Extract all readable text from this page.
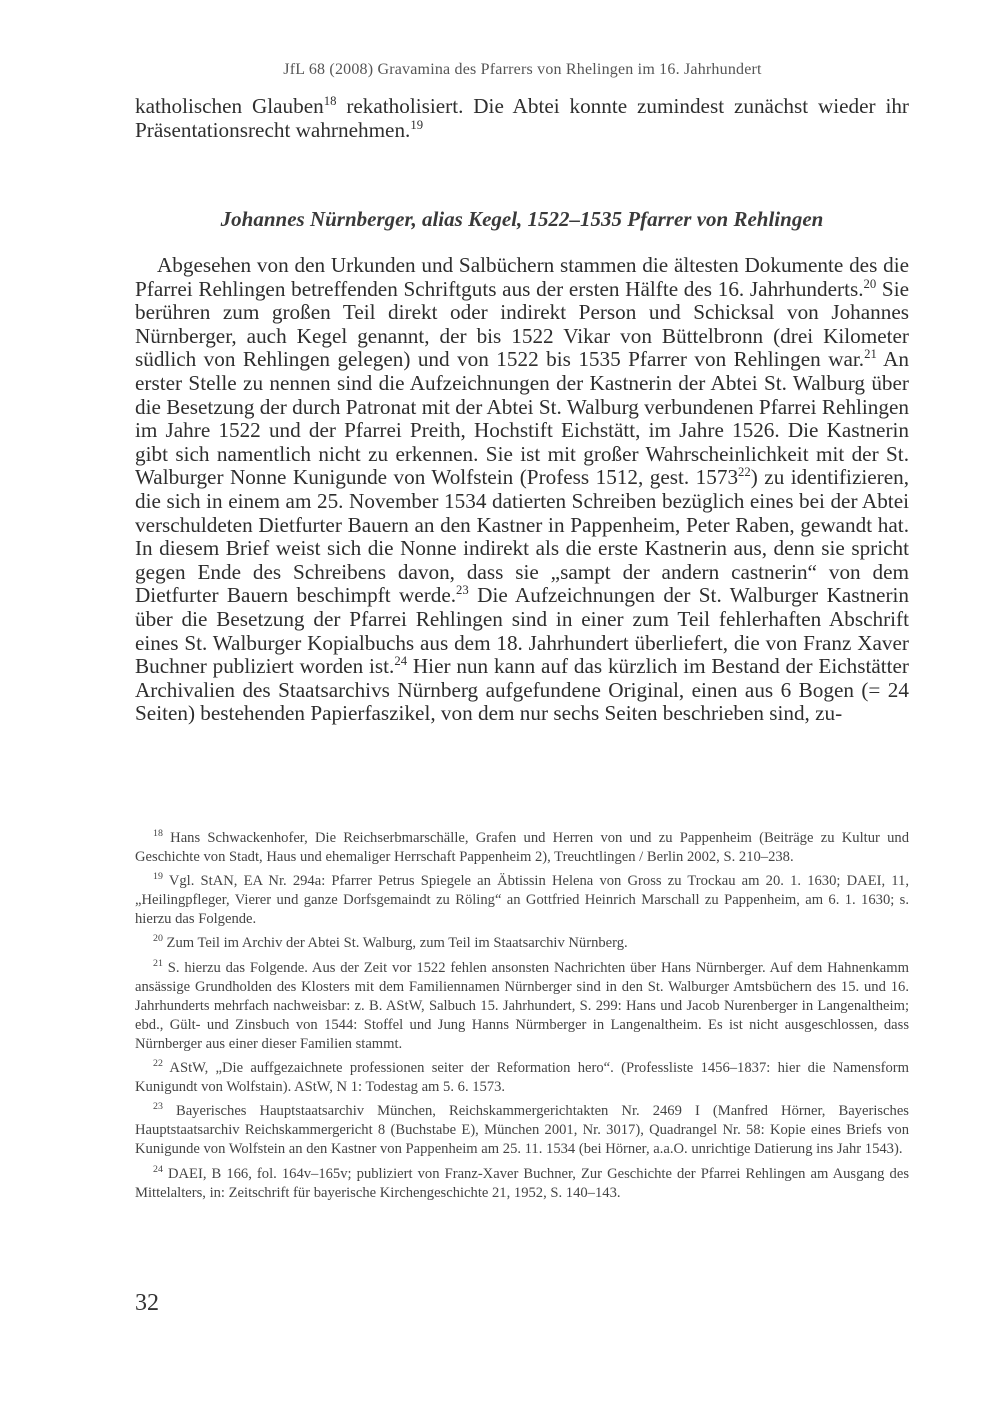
JfL 68 (2008) Gravamina des Pfarrers von Rhelingen im 16. Jahrhundert

katholischen Glauben$^{18}$ rekatholisiert. Die Abtei konnte zumindest zunächst wieder ihr Präsentationsrecht wahrnehmen.$^{19}$

Johannes Nürnberger, alias Kegel, 1522–1535 Pfarrer von Rehlingen

Abgesehen von den Urkunden und Salbüchern stammen die ältesten Dokumente des die Pfarrei Rehlingen betreffenden Schriftguts aus der ersten Hälfte des 16. Jahrhunderts.$^{20}$ Sie berühren zum großen Teil direkt oder indirekt Person und Schicksal von Johannes Nürnberger, auch Kegel genannt, der bis 1522 Vikar von Büttelbronn (drei Kilometer südlich von Rehlingen gelegen) und von 1522 bis 1535 Pfarrer von Rehlingen war.$^{21}$ An erster Stelle zu nennen sind die Aufzeichnungen der Kastnerin der Abtei St. Walburg über die Besetzung der durch Patronat mit der Abtei St. Walburg verbundenen Pfarrei Rehlingen im Jahre 1522 und der Pfarrei Preith, Hochstift Eichstätt, im Jahre 1526. Die Kastnerin gibt sich namentlich nicht zu erkennen. Sie ist mit großer Wahrscheinlichkeit mit der St. Walburger Nonne Kunigunde von Wolfstein (Profess 1512, gest. 1573$^{22}$) zu identifizieren, die sich in einem am 25. November 1534 datierten Schreiben bezüglich eines bei der Abtei verschuldeten Dietfurter Bauern an den Kastner in Pappenheim, Peter Raben, gewandt hat. In diesem Brief weist sich die Nonne indirekt als die erste Kastnerin aus, denn sie spricht gegen Ende des Schreibens davon, dass sie „sampt der andern castnerin“ von dem Dietfurter Bauern beschimpft werde.$^{23}$ Die Aufzeichnungen der St. Walburger Kastnerin über die Besetzung der Pfarrei Rehlingen sind in einer zum Teil fehlerhaften Abschrift eines St. Walburger Kopialbuchs aus dem 18. Jahrhundert überliefert, die von Franz Xaver Buchner publiziert worden ist.$^{24}$ Hier nun kann auf das kürzlich im Bestand der Eichstätter Archivalien des Staatsarchivs Nürnberg aufgefundene Original, einen aus 6 Bogen (= 24 Seiten) bestehenden Papierfaszikel, von dem nur sechs Seiten beschrieben sind, zu-

$^{18}$ Hans Schwackenhofer, Die Reichserbmarschälle, Grafen und Herren von und zu Pappenheim (Beiträge zu Kultur und Geschichte von Stadt, Haus und ehemaliger Herrschaft Pappenheim 2), Treuchtlingen / Berlin 2002, S. 210–238.

$^{19}$ Vgl. StAN, EA Nr. 294a: Pfarrer Petrus Spiegele an Äbtissin Helena von Gross zu Trockau am 20. 1. 1630; DAEI, 11, „Heilingpfleger, Vierer und ganze Dorfsgemaindt zu Röling“ an Gottfried Heinrich Marschall zu Pappenheim, am 6. 1. 1630; s. hierzu das Folgende.

$^{20}$ Zum Teil im Archiv der Abtei St. Walburg, zum Teil im Staatsarchiv Nürnberg.

$^{21}$ S. hierzu das Folgende. Aus der Zeit vor 1522 fehlen ansonsten Nachrichten über Hans Nürnberger. Auf dem Hahnenkamm ansässige Grundholden des Klosters mit dem Familiennamen Nürnberger sind in den St. Walburger Amtsbüchern des 15. und 16. Jahrhunderts mehrfach nachweisbar: z. B. AStW, Salbuch 15. Jahrhundert, S. 299: Hans und Jacob Nurenberger in Langenaltheim; ebd., Gült- und Zinsbuch von 1544: Stoffel und Jung Hanns Nürmberger in Langenaltheim. Es ist nicht ausgeschlossen, dass Nürnberger aus einer dieser Familien stammt.

$^{22}$ AStW, „Die auffgezaichnete professionen seiter der Reformation hero“. (Professliste 1456–1837: hier die Namensform Kunigundt von Wolfstain). AStW, N 1: Todestag am 5. 6. 1573.

$^{23}$ Bayerisches Hauptstaatsarchiv München, Reichskammergerichtakten Nr. 2469 I (Manfred Hörner, Bayerisches Hauptstaatsarchiv Reichskammergericht 8 (Buchstabe E), München 2001, Nr. 3017), Quadrangel Nr. 58: Kopie eines Briefs von Kunigunde von Wolfstein an den Kastner von Pappenheim am 25. 11. 1534 (bei Hörner, a.a.O. unrichtige Datierung ins Jahr 1543).

$^{24}$ DAEI, B 166, fol. 164v–165v; publiziert von Franz-Xaver Buchner, Zur Geschichte der Pfarrei Rehlingen am Ausgang des Mittelalters, in: Zeitschrift für bayerische Kirchengeschichte 21, 1952, S. 140–143.

32
